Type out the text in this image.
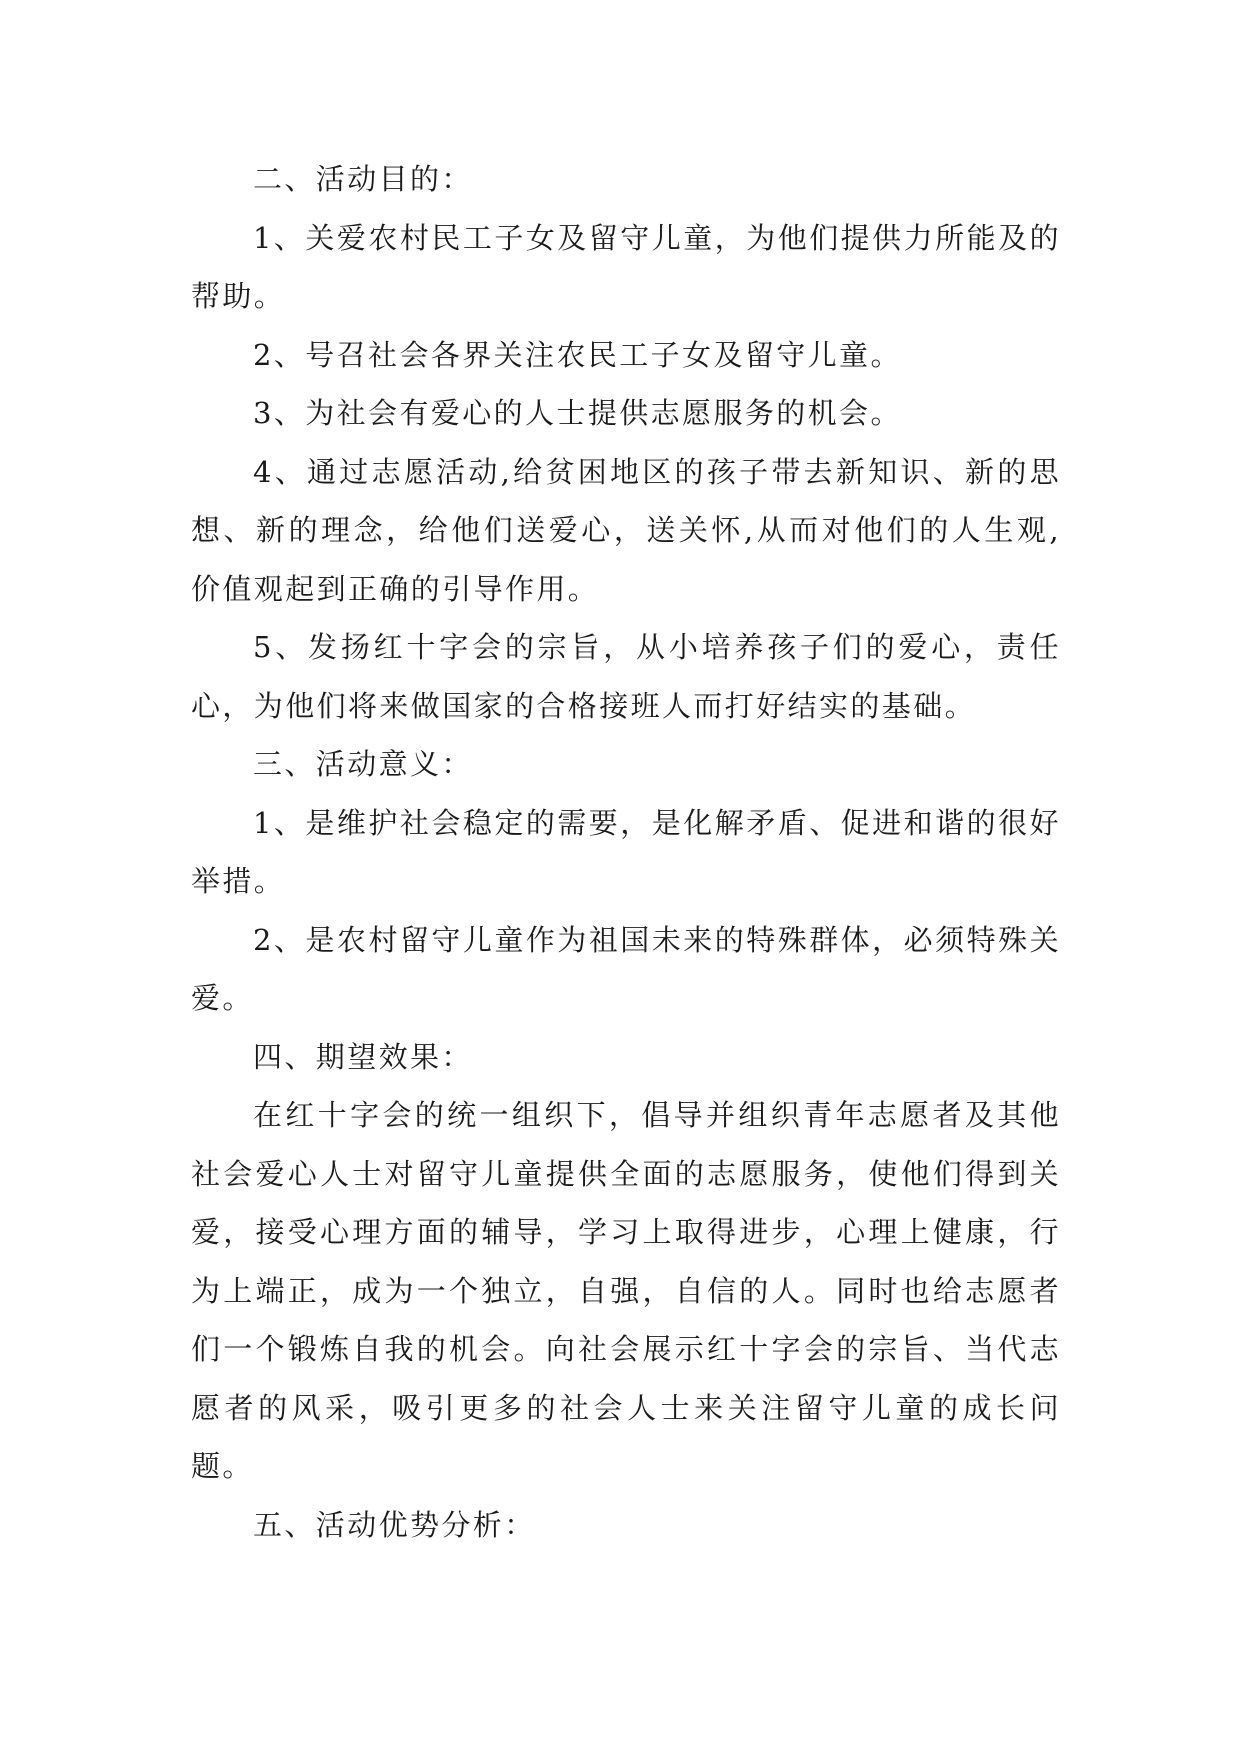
二、活动目的：

1、关爱农村民工子女及留守儿童，为他们提供力所能及的帮助。

2、号召社会各界关注农民工子女及留守儿童。

3、为社会有爱心的人士提供志愿服务的机会。

4、通过志愿活动,给贫困地区的孩子带去新知识、新的思想、新的理念，给他们送爱心，送关怀,从而对他们的人生观,价值观起到正确的引导作用。

5、发扬红十字会的宗旨，从小培养孩子们的爱心，责任心，为他们将来做国家的合格接班人而打好结实的基础。

三、活动意义：

1、是维护社会稳定的需要，是化解矛盾、促进和谐的很好举措。

2、是农村留守儿童作为祖国未来的特殊群体，必须特殊关爱。

四、期望效果：

在红十字会的统一组织下，倡导并组织青年志愿者及其他社会爱心人士对留守儿童提供全面的志愿服务，使他们得到关爱，接受心理方面的辅导，学习上取得进步，心理上健康，行为上端正，成为一个独立，自强，自信的人。同时也给志愿者们一个锻炼自我的机会。向社会展示红十字会的宗旨、当代志愿者的风采，吸引更多的社会人士来关注留守儿童的成长问题。

五、活动优势分析：
